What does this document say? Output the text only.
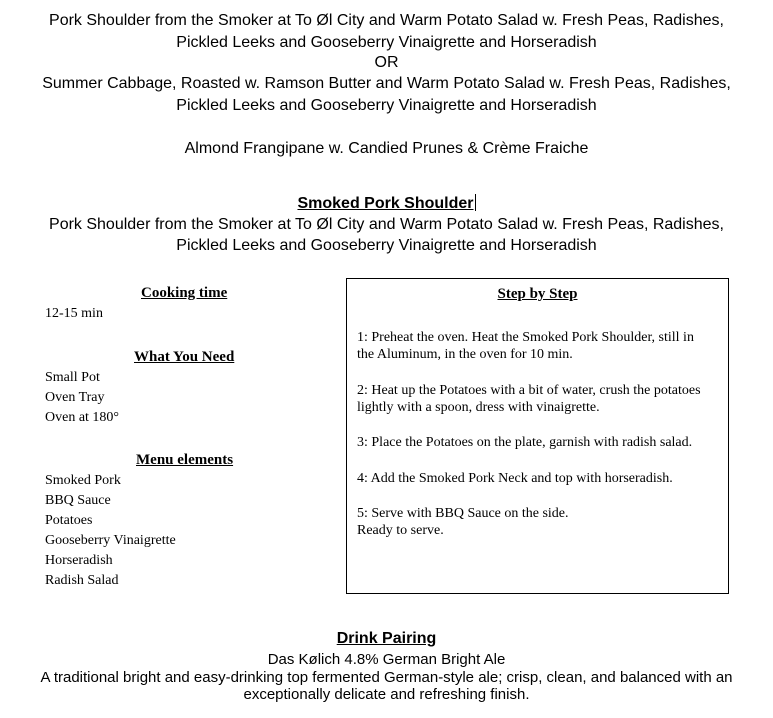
Pork Shoulder from the Smoker at To Øl City and Warm Potato Salad w. Fresh Peas, Radishes,
Pickled Leeks and Gooseberry Vinaigrette and Horseradish
OR
Summer Cabbage, Roasted w. Ramson Butter and Warm Potato Salad w. Fresh Peas, Radishes,
Pickled Leeks and Gooseberry Vinaigrette and Horseradish
Almond Frangipane w. Candied Prunes & Crème Fraiche
Smoked Pork Shoulder
Pork Shoulder from the Smoker at To Øl City and Warm Potato Salad w. Fresh Peas, Radishes,
Pickled Leeks and Gooseberry Vinaigrette and Horseradish
Cooking time
12-15 min
What You Need
Small Pot
Oven Tray
Oven at 180°
Menu elements
Smoked Pork
BBQ Sauce
Potatoes
Gooseberry Vinaigrette
Horseradish
Radish Salad
Step by Step
1: Preheat the oven. Heat the Smoked Pork Shoulder, still in
the Aluminum, in the oven for 10 min.
2: Heat up the Potatoes with a bit of water, crush the potatoes
lightly with a spoon, dress with vinaigrette.
3: Place the Potatoes on the plate, garnish with radish salad.
4: Add the Smoked Pork Neck and top with horseradish.
5: Serve with BBQ Sauce on the side.
Ready to serve.
Drink Pairing
Das Kølich 4.8% German Bright Ale
A traditional bright and easy-drinking top fermented German-style ale; crisp, clean, and balanced with an
exceptionally delicate and refreshing finish.
